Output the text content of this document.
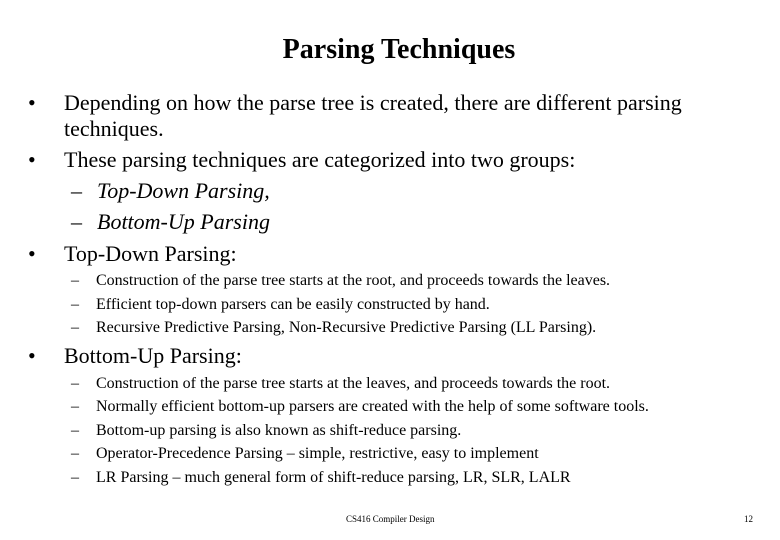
Parsing Techniques
• Depending on how the parse tree is created, there are different parsing
techniques.
• These parsing techniques are categorized into two groups:
– Top-Down Parsing,
– Bottom-Up Parsing
• Top-Down Parsing:
– Construction of the parse tree starts at the root, and proceeds towards the leaves.
– Efficient top-down parsers can be easily constructed by hand.
– Recursive Predictive Parsing, Non-Recursive Predictive Parsing (LL Parsing).
• Bottom-Up Parsing:
– Construction of the parse tree starts at the leaves, and proceeds towards the root.
– Normally efficient bottom-up parsers are created with the help of some software tools.
– Bottom-up parsing is also known as shift-reduce parsing.
– Operator-Precedence Parsing – simple, restrictive, easy to implement
– LR Parsing – much general form of shift-reduce parsing, LR, SLR, LALR
CS416 Compiler Design	12
